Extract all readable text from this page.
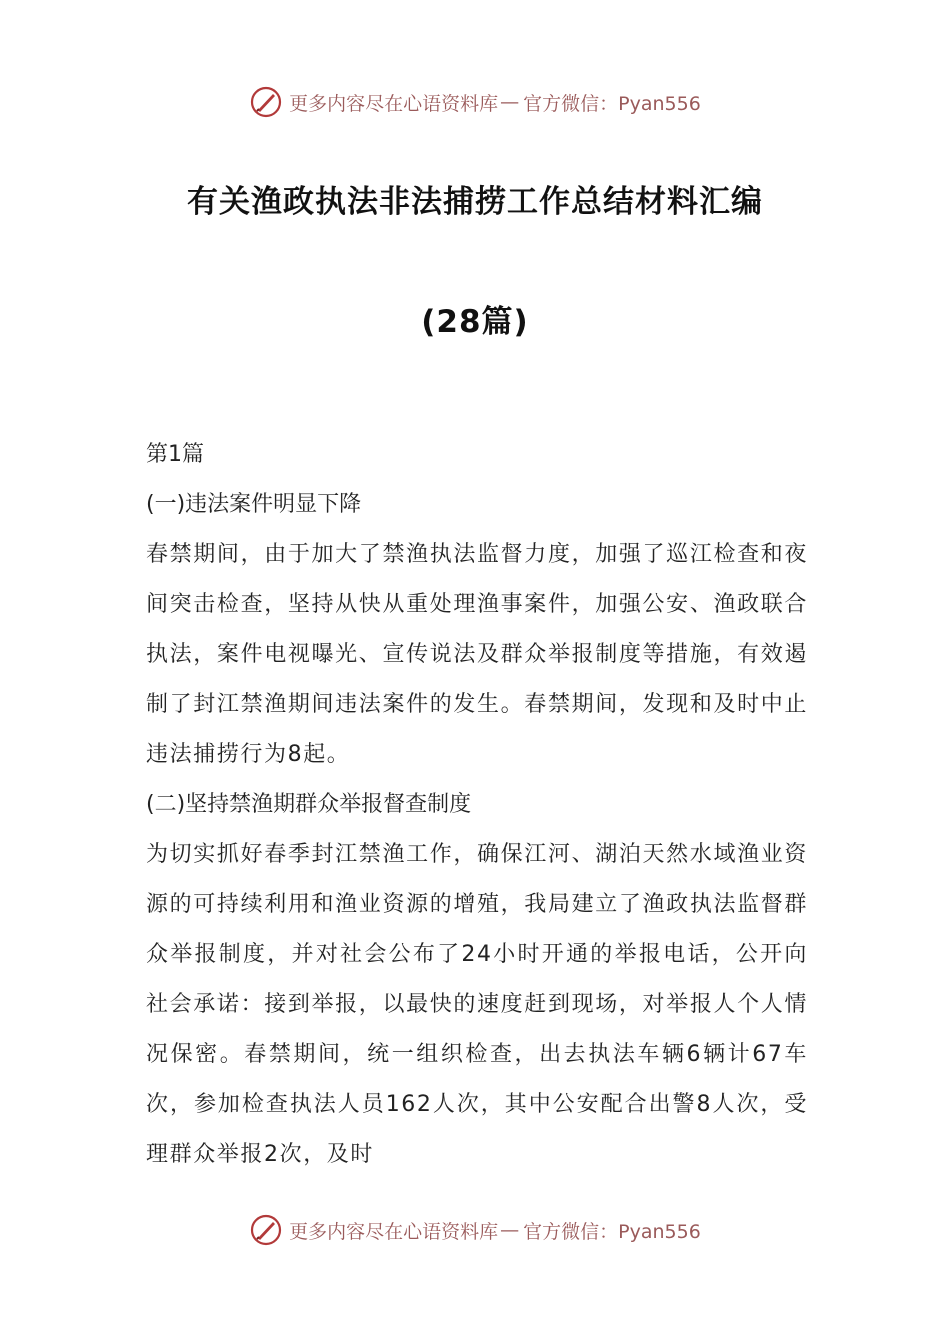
更多内容尽在心语资料库 — 官方微信：Pyan556
有关渔政执法非法捕捞工作总结材料汇编
(28篇)

第1篇

(一)违法案件明显下降

春禁期间，由于加大了禁渔执法监督力度，加强了巡江检查和夜间突击检查，坚持从快从重处理渔事案件，加强公安、渔政联合执法，案件电视曝光、宣传说法及群众举报制度等措施，有效遏制了封江禁渔期间违法案件的发生。春禁期间，发现和及时中止违法捕捞行为8起。

(二)坚持禁渔期群众举报督查制度

为切实抓好春季封江禁渔工作，确保江河、湖泊天然水域渔业资源的可持续利用和渔业资源的增殖，我局建立了渔政执法监督群众举报制度，并对社会公布了24小时开通的举报电话，公开向社会承诺：接到举报，以最快的速度赶到现场，对举报人个人情况保密。春禁期间，统一组织检查，出去执法车辆6辆计67车次，参加检查执法人员162人次，其中公安配合出警8人次，受理群众举报2次，及时

更多内容尽在心语资料库 — 官方微信：Pyan556
